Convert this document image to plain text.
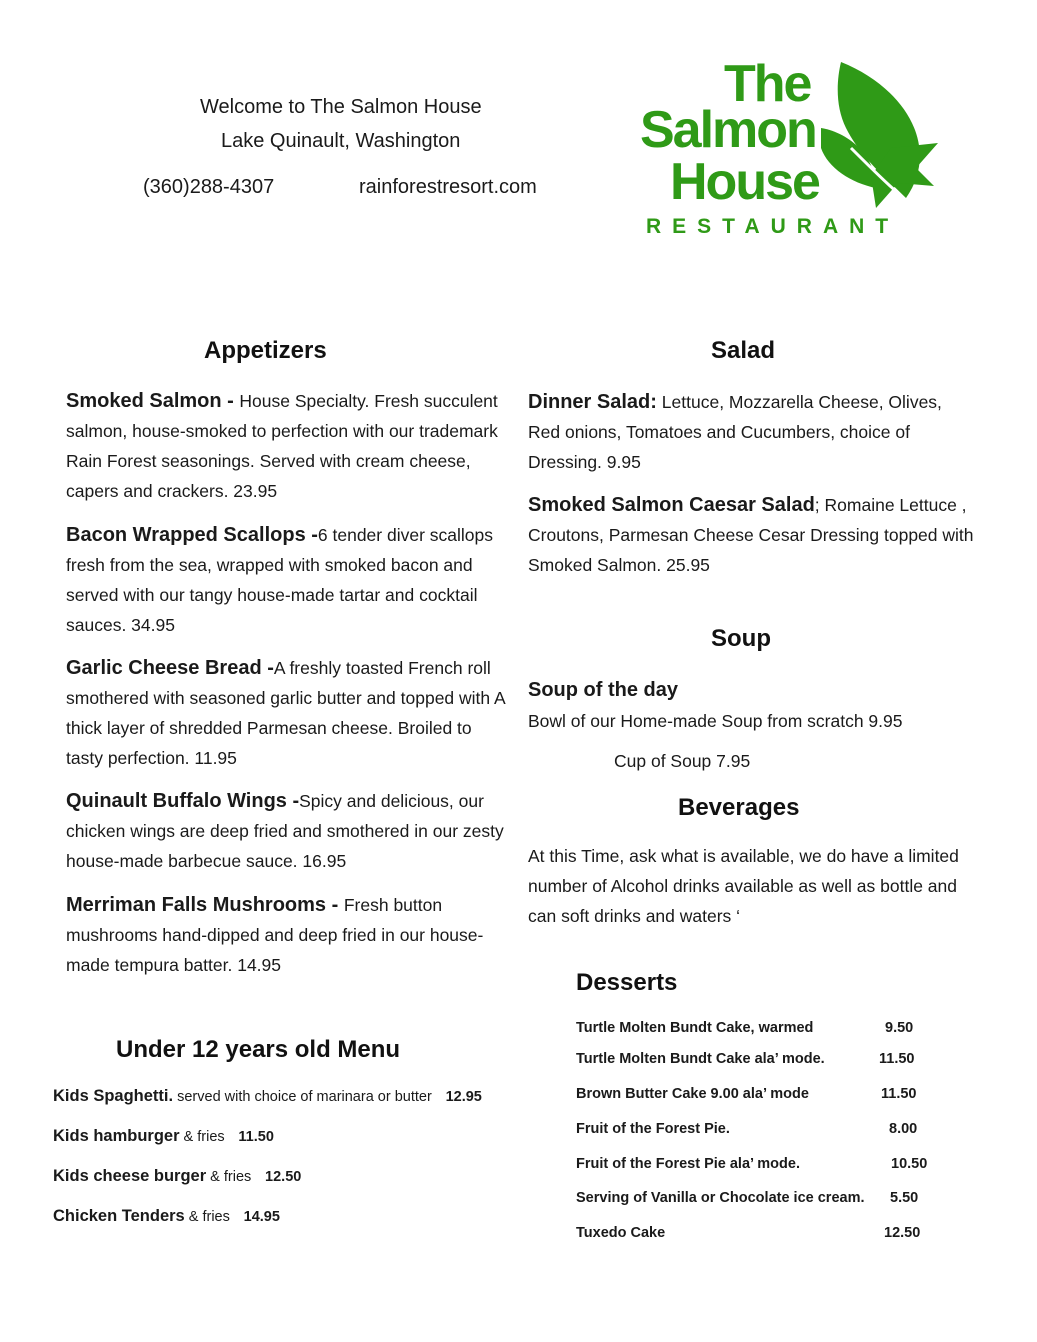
Welcome to The Salmon House
Lake Quinault, Washington
(360)288-4307	rainforestresort.com
The
Salmon
House
RESTAURANT
Appetizers
Smoked Salmon - House Specialty. Fresh succulent salmon, house-smoked to perfection with our trademark Rain Forest seasonings. Served with cream cheese, capers and crackers. 23.95
Bacon Wrapped Scallops -6 tender diver scallops fresh from the sea, wrapped with smoked bacon and served with our tangy house-made tartar and cocktail sauces. 34.95
Garlic Cheese Bread -A freshly toasted French roll smothered with seasoned garlic butter and topped with A thick layer of shredded Parmesan cheese. Broiled to tasty perfection. 11.95
Quinault Buffalo Wings -Spicy and delicious, our chicken wings are deep fried and smothered in our zesty house-made barbecue sauce. 16.95
Merriman Falls Mushrooms - Fresh button mushrooms hand-dipped and deep fried in our house-made tempura batter. 14.95
Salad
Dinner Salad: Lettuce, Mozzarella Cheese, Olives, Red onions, Tomatoes and Cucumbers, choice of Dressing. 9.95
Smoked Salmon Caesar Salad; Romaine Lettuce , Croutons, Parmesan Cheese Cesar Dressing topped with Smoked Salmon. 25.95
Soup
Soup of the day
Bowl of our Home-made Soup from scratch 9.95
Cup of Soup 7.95
Beverages
At this Time, ask what is available, we do have a limited number of Alcohol drinks available as well as bottle and can soft drinks and waters ‘
Desserts
Turtle Molten Bundt Cake, warmed	9.50
Turtle Molten Bundt Cake ala’ mode.	11.50
Brown Butter Cake 9.00 ala’ mode	11.50
Fruit of the Forest Pie.	8.00
Fruit of the Forest Pie ala’ mode.	10.50
Serving of Vanilla or Chocolate ice cream. 5.50
Tuxedo Cake	12.50
Under 12 years old Menu
Kids Spaghetti. served with choice of marinara or butter 12.95
Kids hamburger & fries 11.50
Kids cheese burger & fries 12.50
Chicken Tenders & fries 14.95
